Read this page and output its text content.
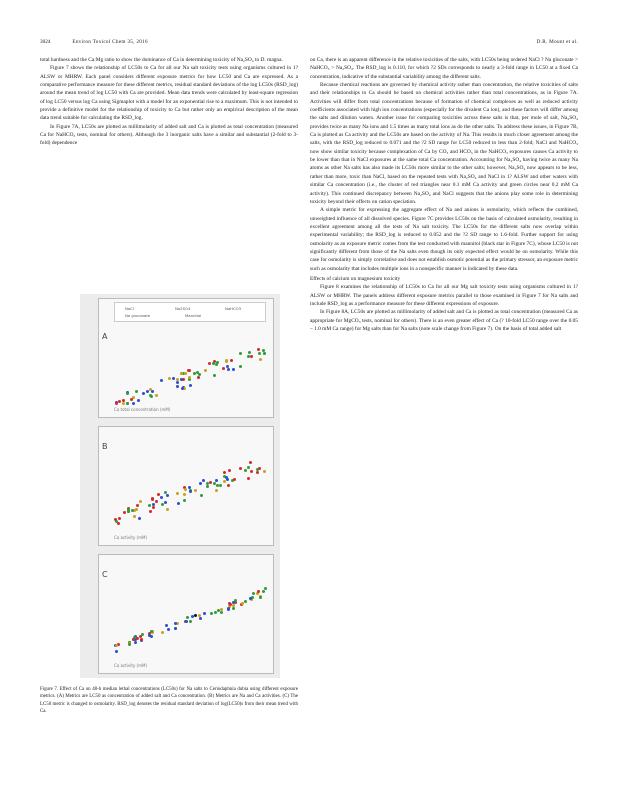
3024	Environ Toxicol Chem 35, 2016	D.R. Mount et al.

total hardness and the Ca:Mg ratio to show the dominance of Ca in determining toxicity of Na₂SO₄ to D. magna.

Figure 7 shows the relationship of LC50s to Ca for all our Na salt toxicity tests using organisms cultured in 1? ALSW or MHRW. Each panel considers different exposure metrics for how LC50 and Ca are expressed. As a comparative performance measure for these different metrics, residual standard deviations of the log LC50s (RSD_log) around the mean trend of log LC50 with Ca are provided. Mean data trends were calculated by least-square regression of log LC50 versus log Ca using Sigmaplot with a model for an exponential rise to a maximum. This is not intended to provide a definitive model for the relationship of toxicity to Ca but rather only an empirical description of the mean data trend suitable for calculating the RSD_log.

In Figure 7A, LC50s are plotted as millimolarity of added salt and Ca is plotted as total concentration (measured Ca for NaHCO₃ tests, nominal for others). Although the 3 inorganic salts have a similar and substantial (2-fold to 3-fold) dependence

NaCl	Na2SO4	NaHCO3
Na gluconate	Mannitol
A
Ca total concentration (mM)
B
Ca activity (mM)
C
Ca activity (mM)
Figure 7. Effect of Ca on 48-h median lethal concentrations (LC50s) for Na salts to Ceriodaphnia dubia using different exposure metrics. (A) Metrics are LC50 as concentration of added salt and Ca concentration. (B) Metrics are Na and Ca activities. (C) The LC50 metric is changed to osmolarity. RSD_log denotes the residual standard deviation of log(LC50)s from their mean trend with Ca.

on Ca, there is an apparent difference in the relative toxicities of the salts, with LC50s being ordered NaCl ? Na gluconate > NaHCO₃ > Na₂SO₄. The RSD_log is 0.110, for which ?2 SDs corresponds to nearly a 3-fold range in LC50 at a fixed Ca concentration, indicative of the substantial variability among the different salts.

Because chemical reactions are governed by chemical activity rather than concentration, the relative toxicities of salts and their relationships to Ca should be based on chemical activities rather than total concentrations, as in Figure 7A. Activities will differ from total concentrations because of formation of chemical complexes as well as reduced activity coefficients associated with high ion concentrations (especially for the divalent Ca ion), and these factors will differ among the salts and dilution waters. Another issue for comparing toxicities across these salts is that, per mole of salt, Na₂SO₄ provides twice as many Na ions and 1.5 times as many total ions as do the other salts. To address these issues, in Figure 7B, Ca is plotted as Ca activity and the LC50s are based on the activity of Na. This results in much closer agreement among the salts, with the RSD_log reduced to 0.071 and the ?2 SD range for LC50 reduced to less than 2-fold; NaCl and NaHCO₃ now show similar toxicity because complexation of Ca by CO₃ and HCO₃ in the NaHCO₃ exposures causes Ca activity to be lower than that in NaCl exposures at the same total Ca concentration. Accounting for Na₂SO₄ having twice as many Na atoms as other Na salts has also made its LC50s more similar to the other salts; however, Na₂SO₄ now appears to be less, rather than more, toxic than NaCl, based on the repeated tests with Na₂SO₄ and NaCl in 1? ALSW and other waters with similar Ca concentration (i.e., the cluster of red triangles near 0.1 mM Ca activity and green circles near 0.2 mM Ca activity). This continued discrepancy between Na₂SO₄ and NaCl suggests that the anions play some role in determining toxicity beyond their effects on cation speciation.

A simple metric for expressing the aggregate effect of Na and anions is osmolarity, which reflects the combined, unweighted influence of all dissolved species. Figure 7C provides LC50s on the basis of calculated osmolarity, resulting in excellent agreement among all the tests of Na salt toxicity. The LC50s for the different salts now overlap within experimental variability; the RSD_log is reduced to 0.052 and the ?2 SD range to 1.6-fold. Further support for using osmolarity as an exposure metric comes from the test conducted with mannitol (black star in Figure 7C), whose LC50 is not significantly different from those of the Na salts even though its only expected effect would be on osmolarity. While this case for osmolarity is simply correlative and does not establish osmotic potential as the primary stressor, an exposure metric such as osmolarity that includes multiple ions in a nonspecific manner is indicated by these data.

Effects of calcium on magnesium toxicity

Figure 8 examines the relationship of LC50s to Ca for all our Mg salt toxicity tests using organisms cultured in 1? ALSW or MHRW. The panels address different exposure metrics parallel to those examined in Figure 7 for Na salts and include RSD_log as a performance measure for these different expressions of exposure.

In Figure 8A, LC50s are plotted as millimolarity of added salt and Ca is plotted as total concentration (measured Ca as appropriate for MgCO₃ tests, nominal for others). There is an even greater effect of Ca (? 10-fold LC50 range over the 0.05 – 1.0 mM Ca range) for Mg salts than for Na salts (note scale change from Figure 7). On the basis of total added salt
